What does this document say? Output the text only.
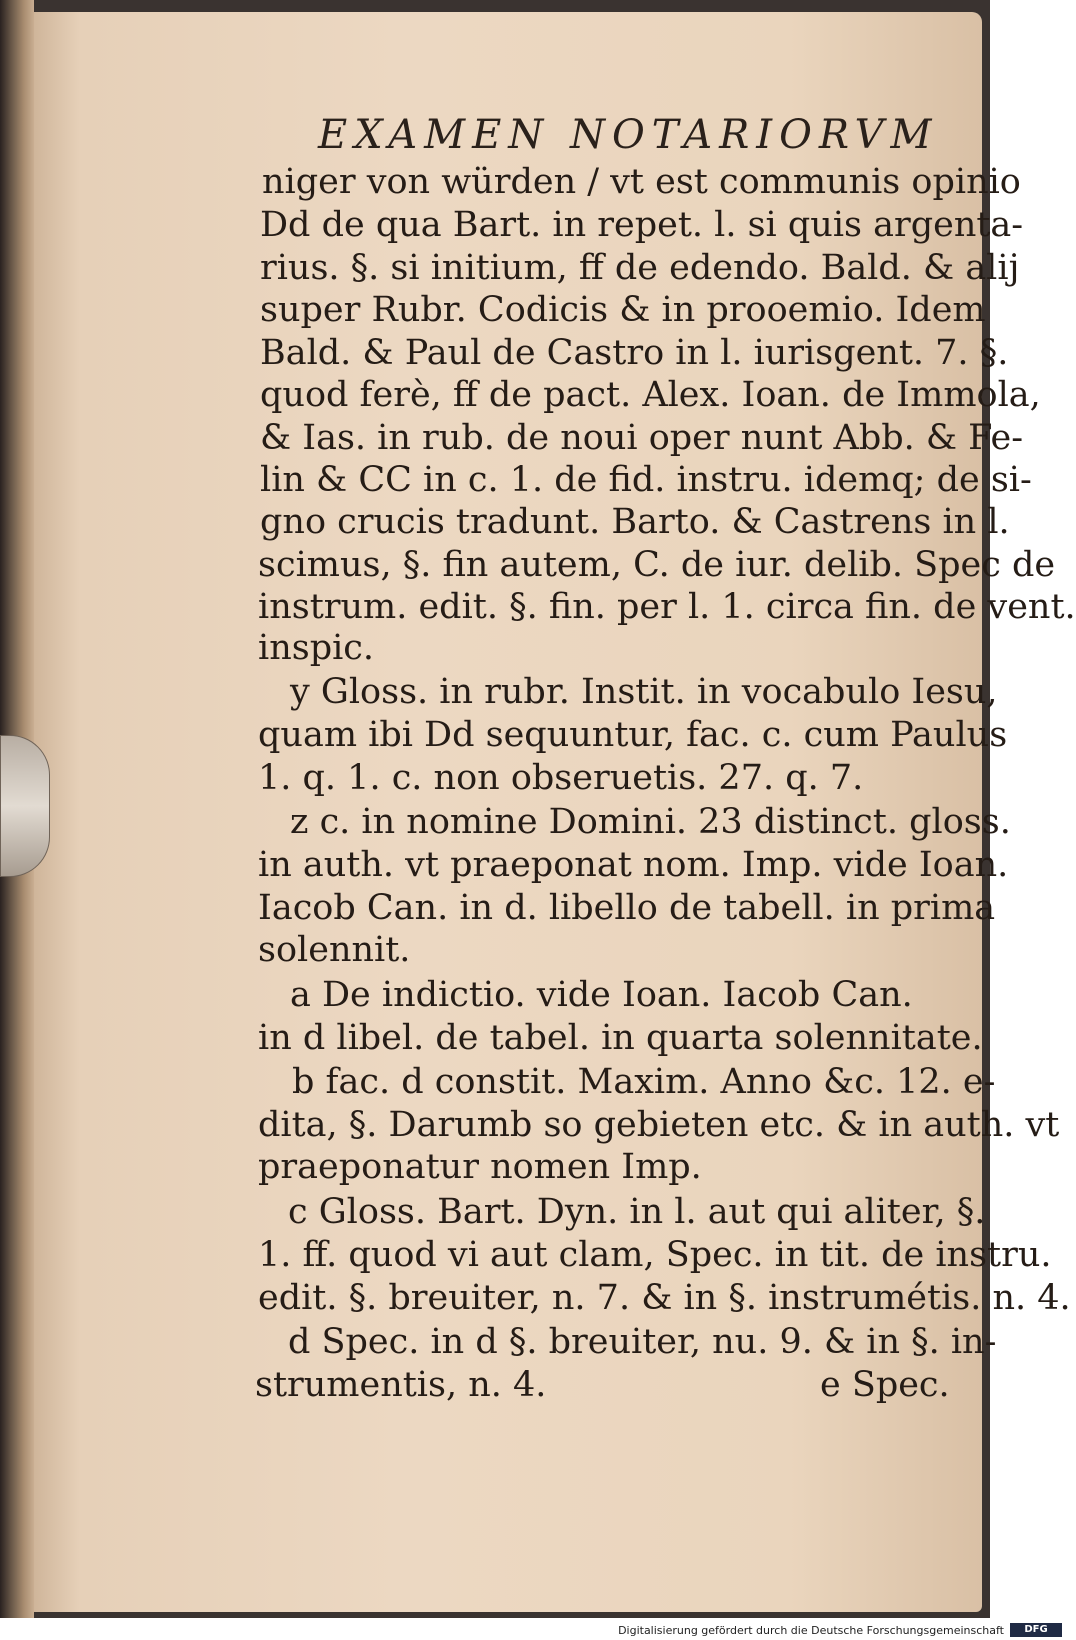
EXAMEN NOTARIORVM
niger von würden / vt est communis opinio
Dd de qua Bart. in repet. l. si quis argenta-
rius. §. si initium, ff de edendo. Bald. & alij
super Rubr. Codicis & in prooemio. Idem
Bald. & Paul de Castro in l. iurisgent. 7. §.
quod ferè, ff de pact. Alex. Ioan. de Immola,
& Ias. in rub. de noui oper nunt Abb. & Fe-
lin & CC in c. 1. de fid. instru. idemq; de si-
gno crucis tradunt. Barto. & Castrens in l.
scimus, §. fin autem, C. de iur. delib. Spec de
instrum. edit. §. fin. per l. 1. circa fin. de vent.
inspic.
y Gloss. in rubr. Instit. in vocabulo Iesu,
quam ibi Dd sequuntur, fac. c. cum Paulus
1. q. 1. c. non obseruetis. 27. q. 7.
z c. in nomine Domini. 23 distinct. gloss.
in auth. vt praeponat nom. Imp. vide Ioan.
Iacob Can. in d. libello de tabell. in prima
solennit.
a De indictio. vide Ioan. Iacob Can.
in d libel. de tabel. in quarta solennitate.
b fac. d constit. Maxim. Anno &c. 12. e-
dita, §. Darumb so gebieten etc. & in auth. vt
praeponatur nomen Imp.
c Gloss. Bart. Dyn. in l. aut qui aliter, §.
1. ff. quod vi aut clam, Spec. in tit. de instru.
edit. §. breuiter, n. 7. & in §. instrumétis. n. 4.
d Spec. in d §. breuiter, nu. 9. & in §. in-
strumentis, n. 4.	e Spec.
Digitalisierung gefördert durch die Deutsche Forschungsgemeinschaft	DFG
